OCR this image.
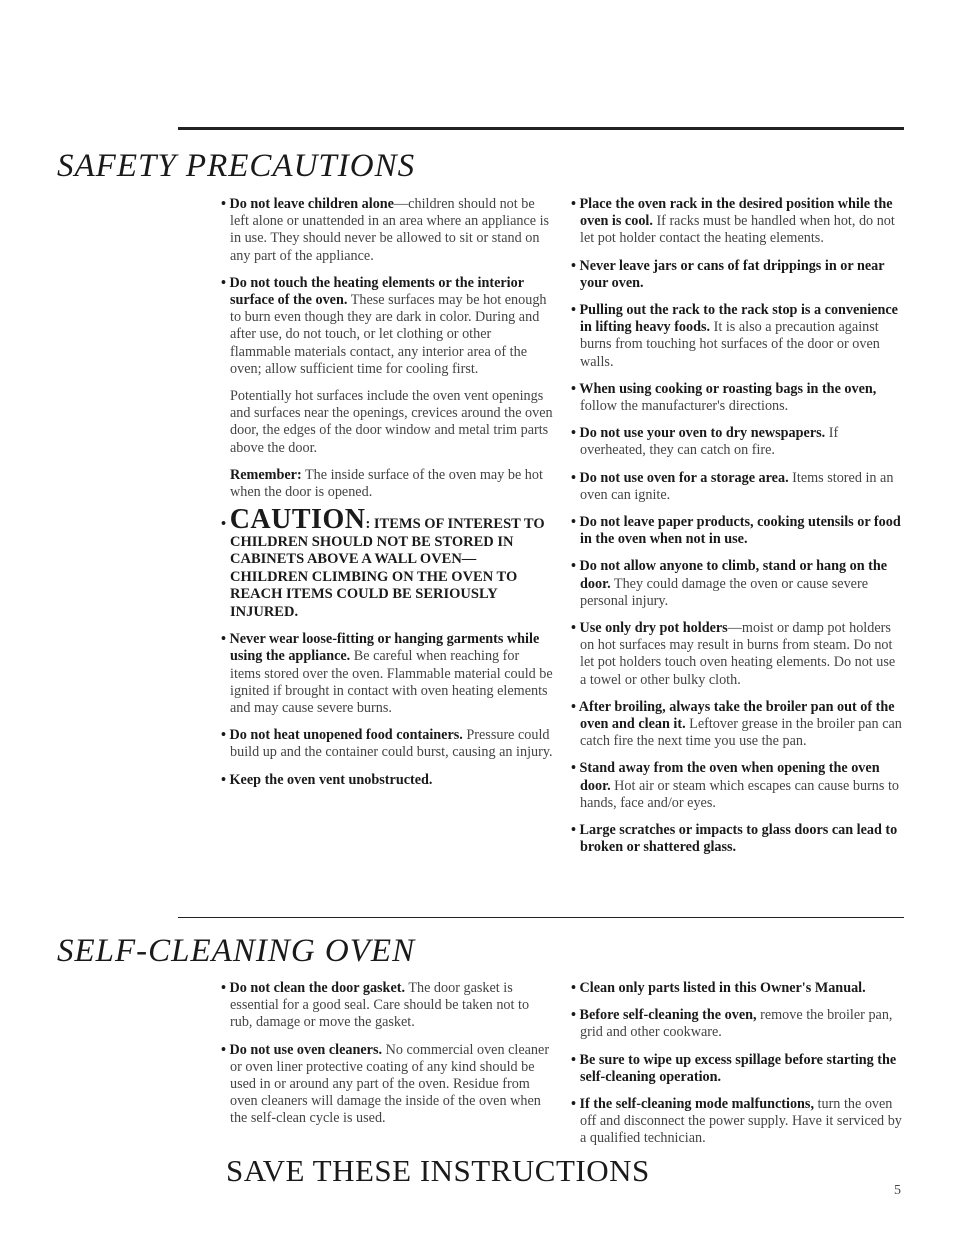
SAFETY PRECAUTIONS

• Do not leave children alone—children should not be left alone or unattended in an area where an appliance is in use. They should never be allowed to sit or stand on any part of the appliance.

• Do not touch the heating elements or the interior surface of the oven. These surfaces may be hot enough to burn even though they are dark in color. During and after use, do not touch, or let clothing or other flammable materials contact, any interior area of the oven; allow sufficient time for cooling first.

Potentially hot surfaces include the oven vent openings and surfaces near the openings, crevices around the oven door, the edges of the door window and metal trim parts above the door.

Remember: The inside surface of the oven may be hot when the door is opened.

• CAUTION: ITEMS OF INTEREST TO CHILDREN SHOULD NOT BE STORED IN CABINETS ABOVE A WALL OVEN—CHILDREN CLIMBING ON THE OVEN TO REACH ITEMS COULD BE SERIOUSLY INJURED.

• Never wear loose-fitting or hanging garments while using the appliance. Be careful when reaching for items stored over the oven. Flammable material could be ignited if brought in contact with oven heating elements and may cause severe burns.

• Do not heat unopened food containers. Pressure could build up and the container could burst, causing an injury.

• Keep the oven vent unobstructed.

• Place the oven rack in the desired position while the oven is cool. If racks must be handled when hot, do not let pot holder contact the heating elements.

• Never leave jars or cans of fat drippings in or near your oven.

• Pulling out the rack to the rack stop is a convenience in lifting heavy foods. It is also a precaution against burns from touching hot surfaces of the door or oven walls.

• When using cooking or roasting bags in the oven, follow the manufacturer's directions.

• Do not use your oven to dry newspapers. If overheated, they can catch on fire.

• Do not use oven for a storage area. Items stored in an oven can ignite.

• Do not leave paper products, cooking utensils or food in the oven when not in use.

• Do not allow anyone to climb, stand or hang on the door. They could damage the oven or cause severe personal injury.

• Use only dry pot holders—moist or damp pot holders on hot surfaces may result in burns from steam. Do not let pot holders touch oven heating elements. Do not use a towel or other bulky cloth.

• After broiling, always take the broiler pan out of the oven and clean it. Leftover grease in the broiler pan can catch fire the next time you use the pan.

• Stand away from the oven when opening the oven door. Hot air or steam which escapes can cause burns to hands, face and/or eyes.

• Large scratches or impacts to glass doors can lead to broken or shattered glass.

SELF-CLEANING OVEN

• Do not clean the door gasket. The door gasket is essential for a good seal. Care should be taken not to rub, damage or move the gasket.

• Do not use oven cleaners. No commercial oven cleaner or oven liner protective coating of any kind should be used in or around any part of the oven. Residue from oven cleaners will damage the inside of the oven when the self-clean cycle is used.

• Clean only parts listed in this Owner's Manual.

• Before self-cleaning the oven, remove the broiler pan, grid and other cookware.

• Be sure to wipe up excess spillage before starting the self-cleaning operation.

• If the self-cleaning mode malfunctions, turn the oven off and disconnect the power supply. Have it serviced by a qualified technician.

SAVE THESE INSTRUCTIONS
5
